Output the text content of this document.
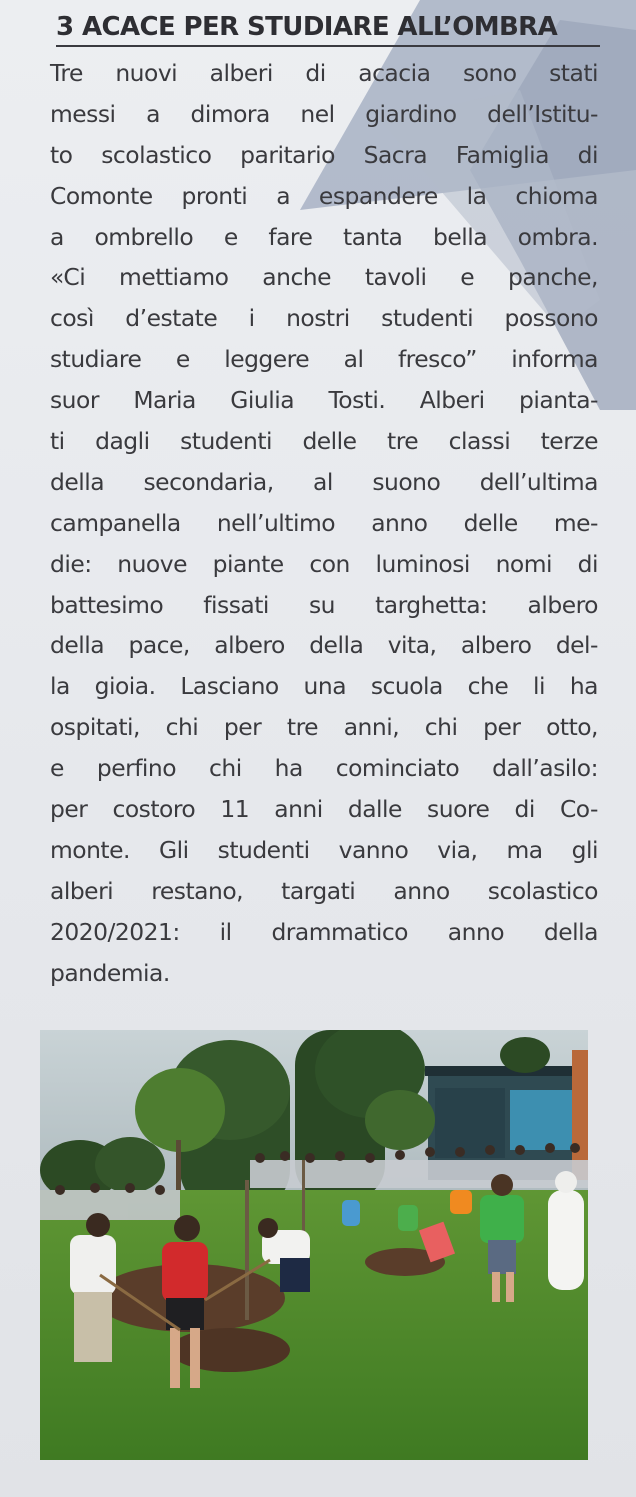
3 ACACE PER STUDIARE ALL’OMBRA
Tre nuovi alberi di acacia sono stati
messi a dimora nel giardino dell’Istitu-
to scolastico paritario Sacra Famiglia di
Comonte pronti a espandere la chioma
a ombrello e fare tanta bella ombra.
«Ci mettiamo anche tavoli e panche,
così d’estate i nostri studenti possono
studiare e leggere al fresco” informa
suor Maria Giulia Tosti. Alberi pianta-
ti dagli studenti delle tre classi terze
della secondaria, al suono dell’ultima
campanella nell’ultimo anno delle me-
die: nuove piante con luminosi nomi di
battesimo fissati su targhetta: albero
della pace, albero della vita, albero del-
la gioia. Lasciano una scuola che li ha
ospitati, chi per tre anni, chi per otto,
e perfino chi ha cominciato dall’asilo:
per costoro 11 anni dalle suore di Co-
monte. Gli studenti vanno via, ma gli
alberi restano, targati anno scolastico
2020/2021: il drammatico anno della
pandemia.
